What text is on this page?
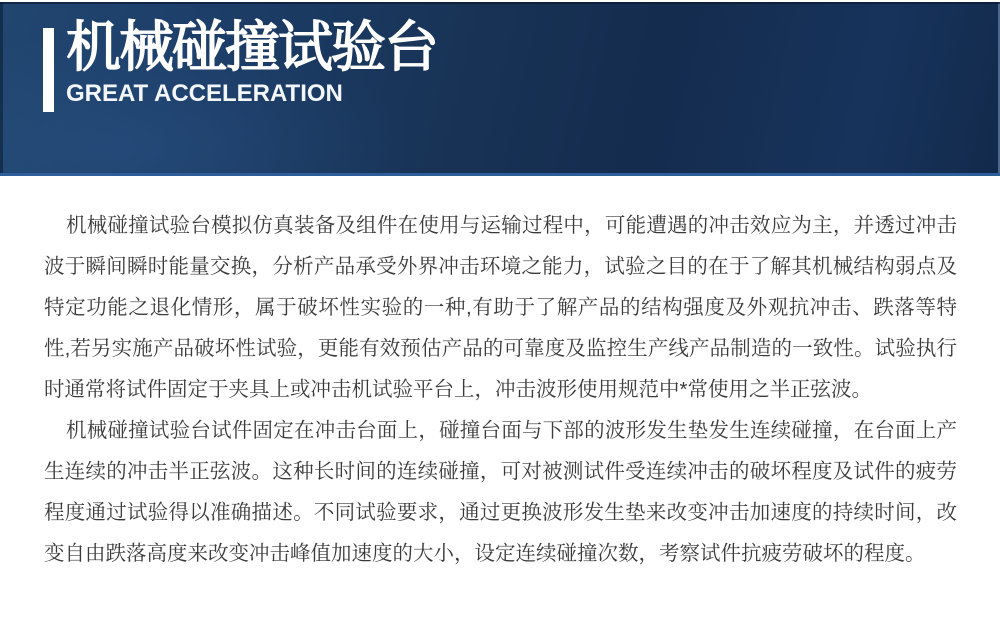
机械碰撞试验台
GREAT ACCELERATION

机械碰撞试验台模拟仿真装备及组件在使用与运输过程中，可能遭遇的冲击效应为主，并透过冲击波于瞬间瞬时能量交换，分析产品承受外界冲击环境之能力，试验之目的在于了解其机械结构弱点及特定功能之退化情形，属于破坏性实验的一种,有助于了解产品的结构强度及外观抗冲击、跌落等特性,若另实施产品破坏性试验，更能有效预估产品的可靠度及监控生产线产品制造的一致性。试验执行时通常将试件固定于夹具上或冲击机试验平台上，冲击波形使用规范中*常使用之半正弦波。

机械碰撞试验台试件固定在冲击台面上，碰撞台面与下部的波形发生垫发生连续碰撞，在台面上产生连续的冲击半正弦波。这种长时间的连续碰撞，可对被测试件受连续冲击的破坏程度及试件的疲劳程度通过试验得以准确描述。不同试验要求，通过更换波形发生垫来改变冲击加速度的持续时间，改变自由跌落高度来改变冲击峰值加速度的大小，设定连续碰撞次数，考察试件抗疲劳破坏的程度。
